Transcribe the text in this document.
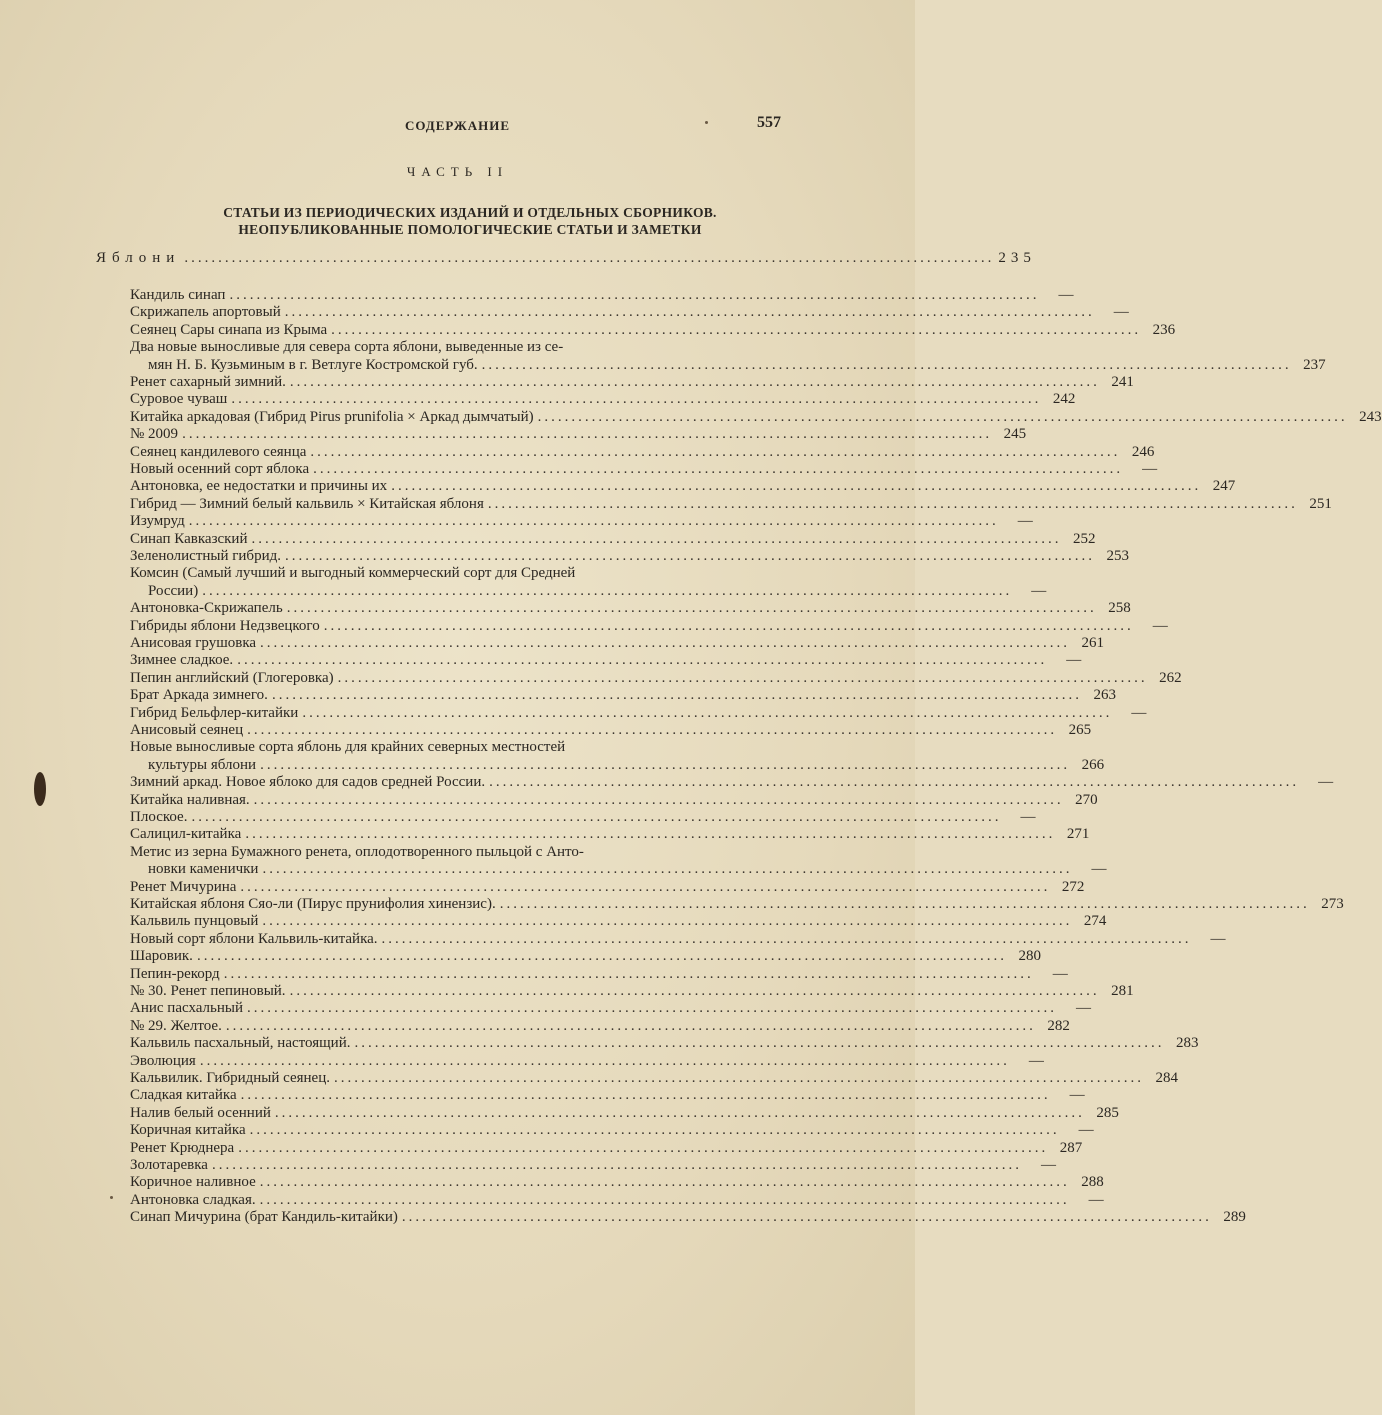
СОДЕРЖАНИЕ	557
ЧАСТЬ II
СТАТЬИ ИЗ ПЕРИОДИЧЕСКИХ ИЗДАНИЙ И ОТДЕЛЬНЫХ СБОРНИКОВ.
НЕОПУБЛИКОВАННЫЕ ПОМОЛОГИЧЕСКИЕ СТАТЬИ И ЗАМЕТКИ
Яблони ........................................................................................................................ 235
Кандиль синап ........................................................................................................................	—
Скрижапель апортовый ........................................................................................................................	—
Сеянец Сары синапа из Крыма ........................................................................................................................ 236
Два новые выносливые для севера сорта яблони, выведенные из се-
мян Н. Б. Кузьминым в г. Ветлуге Костромской губ. ........................................................................................................................ 237
Ренет сахарный зимний. ........................................................................................................................ 241
Суровое чуваш ........................................................................................................................ 242
Китайка аркадовая (Гибрид Pirus prunifolia × Аркад дымчатый) ........................................................................................................................ 243
№ 2009 ........................................................................................................................ 245
Сеянец кандилевого сеянца ........................................................................................................................ 246
Новый осенний сорт яблока ........................................................................................................................	—
Антоновка, ее недостатки и причины их ........................................................................................................................ 247
Гибрид — Зимний белый кальвиль × Китайская яблоня ........................................................................................................................ 251
Изумруд ........................................................................................................................	—
Синап Кавказский ........................................................................................................................ 252
Зеленолистный гибрид. ........................................................................................................................ 253
Комсин (Самый лучший и выгодный коммерческий сорт для Средней
России) ........................................................................................................................	—
Антоновка-Скрижапель ........................................................................................................................ 258
Гибриды яблони Недзвецкого ........................................................................................................................	—
Анисовая грушовка ........................................................................................................................ 261
Зимнее сладкое. ........................................................................................................................	—
Пепин английский (Глогеровка) ........................................................................................................................ 262
Брат Аркада зимнего. ........................................................................................................................ 263
Гибрид Бельфлер-китайки ........................................................................................................................	—
Анисовый сеянец ........................................................................................................................ 265
Новые выносливые сорта яблонь для крайних северных местностей
культуры яблони ........................................................................................................................ 266
Зимний аркад. Новое яблоко для садов средней России. ........................................................................................................................	—
Китайка наливная. ........................................................................................................................ 270
Плоское. ........................................................................................................................	—
Салицил-китайка ........................................................................................................................ 271
Метис из зерна Бумажного ренета, оплодотворенного пыльцой с Анто-
новки каменички ........................................................................................................................	—
Ренет Мичурина ........................................................................................................................ 272
Китайская яблоня Сяо-ли (Пирус прунифолия хинензис). ........................................................................................................................ 273
Кальвиль пунцовый ........................................................................................................................ 274
Новый сорт яблони Кальвиль-китайка. ........................................................................................................................	—
Шаровик. ........................................................................................................................ 280
Пепин-рекорд ........................................................................................................................	—
№ 30. Ренет пепиновый. ........................................................................................................................ 281
Анис пасхальный ........................................................................................................................	—
№ 29. Желтое. ........................................................................................................................ 282
Кальвиль пасхальный, настоящий. ........................................................................................................................ 283
Эволюция ........................................................................................................................	—
Кальвилик. Гибридный сеянец. ........................................................................................................................ 284
Сладкая китайка ........................................................................................................................	—
Налив белый осенний ........................................................................................................................ 285
Коричная китайка ........................................................................................................................	—
Ренет Крюднера ........................................................................................................................ 287
Золотаревка ........................................................................................................................	—
Коричное наливное ........................................................................................................................ 288
Антоновка сладкая. ........................................................................................................................	—
Синап Мичурина (брат Кандиль-китайки) ........................................................................................................................ 289
